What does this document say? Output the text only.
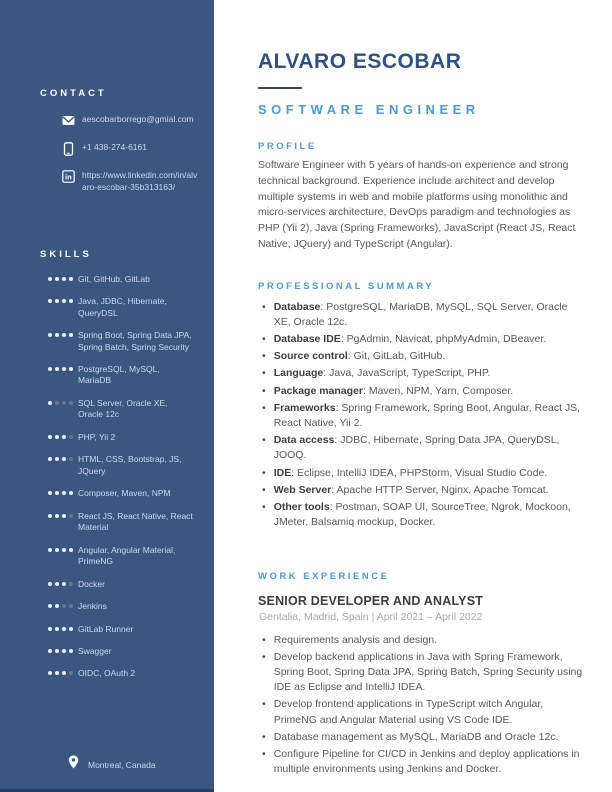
CONTACT
aescobarborrego@gmial.com
+1 438-274-6161
in https://www.linkedin.com/in/alvaro-escobar-35b313163/
SKILLS
Git, GitHub, GitLab
Java, JDBC, Hibernate, QueryDSL
Spring Boot, Spring Data JPA, Spring Batch, Spring Security
PostgreSQL, MySQL, MariaDB
SQL Server, Oracle XE, Oracle 12c
PHP, Yii 2
HTML, CSS, Bootstrap, JS, JQuery
Composer, Maven, NPM
React JS, React Native, React Material
Angular, Angular Material, PrimeNG
Docker
Jenkins
GitLab Runner
Swagger
OIDC, OAuth 2
Montreal, Canada
ALVARO ESCOBAR
SOFTWARE ENGINEER
PROFILE

Software Engineer with 5 years of hands-on experience and strong technical background. Experience include architect and develop multiple systems in web and mobile platforms using monolithic and micro-services architecture, DevOps paradigm and technologies as PHP (Yii 2), Java (Spring Frameworks), JavaScript (React JS, React Native, JQuery) and TypeScript (Angular).

PROFESSIONAL SUMMARY
• Database: PostgreSQL, MariaDB, MySQL, SQL Server, Oracle XE, Oracle 12c.
• Database IDE: PgAdmin, Navicat, phpMyAdmin, DBeaver.
• Source control: Git, GitLab, GitHub.
• Language: Java, JavaScript, TypeScript, PHP.
• Package manager: Maven, NPM, Yarn, Composer.
• Frameworks: Spring Framework, Spring Boot, Angular, React JS, React Native, Yii 2.
• Data access: JDBC, Hibernate, Spring Data JPA, QueryDSL, JOOQ.
• IDE: Eclipse, IntelliJ IDEA, PHPStorm, Visual Studio Code.
• Web Server: Apache HTTP Server, Nginx, Apache Tomcat.
• Other tools: Postman, SOAP UI, SourceTree, Ngrok, Mockoon, JMeter, Balsamiq mockup, Docker.
WORK EXPERIENCE
SENIOR DEVELOPER AND ANALYST
Gentalia, Madrid, Spain | April 2021 – April 2022
• Requirements analysis and design.
• Develop backend applications in Java with Spring Framework, Spring Boot, Spring Data JPA, Spring Batch, Spring Security using IDE as Eclipse and IntelliJ IDEA.
• Develop frontend applications in TypeScript witch Angular, PrimeNG and Angular Material using VS Code IDE.
• Database management as MySQL, MariaDB and Oracle 12c.
• Configure Pipeline for CI/CD in Jenkins and deploy applications in multiple environments using Jenkins and Docker.
